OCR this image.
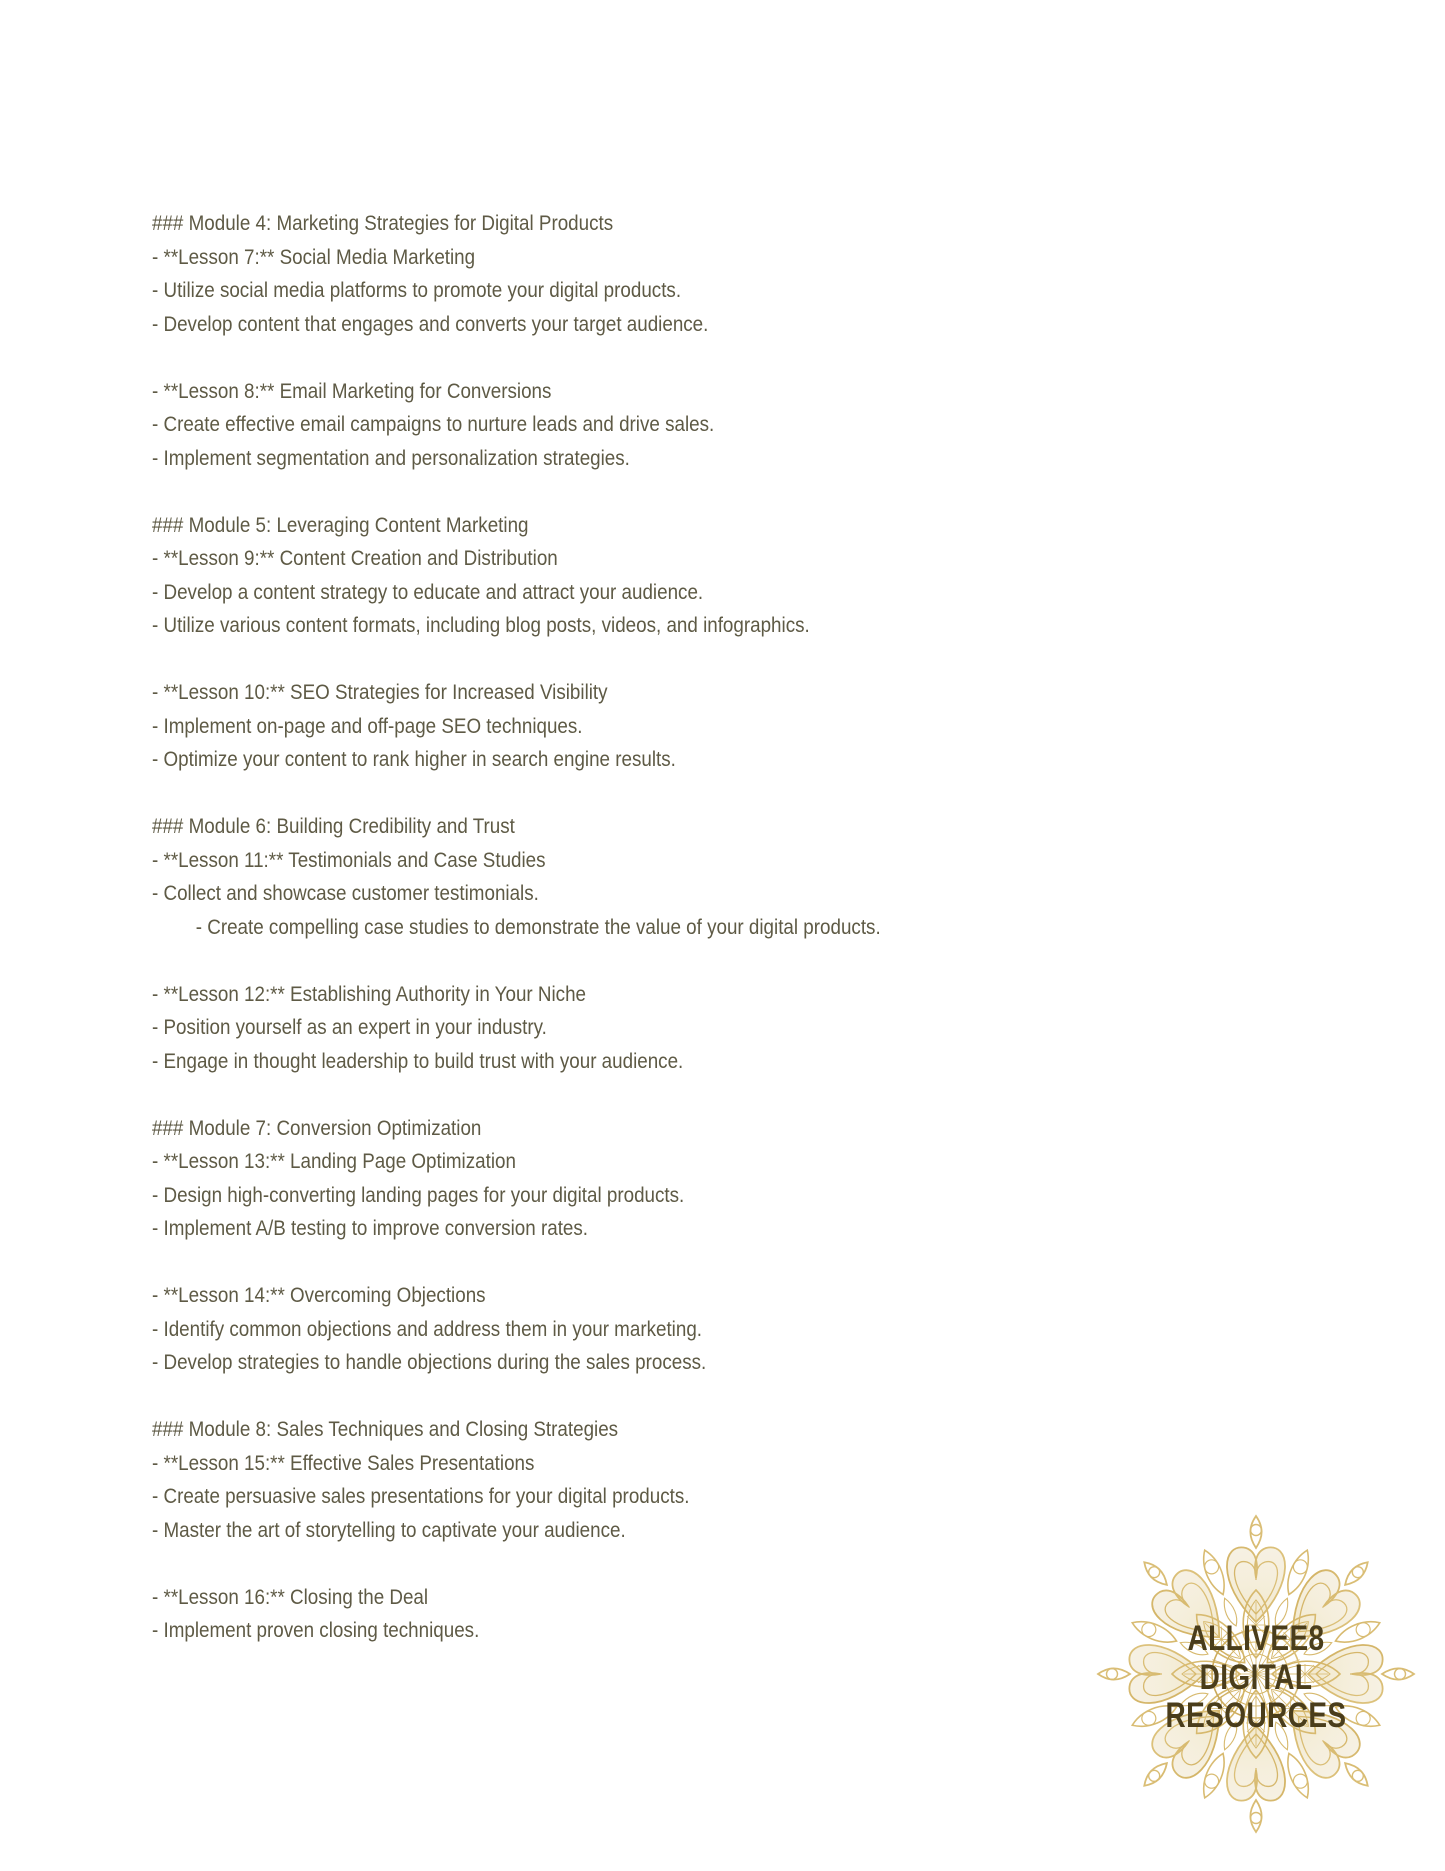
### Module 4: Marketing Strategies for Digital Products
- **Lesson 7:** Social Media Marketing
- Utilize social media platforms to promote your digital products.
- Develop content that engages and converts your target audience.
- **Lesson 8:** Email Marketing for Conversions
- Create effective email campaigns to nurture leads and drive sales.
- Implement segmentation and personalization strategies.
### Module 5: Leveraging Content Marketing
- **Lesson 9:** Content Creation and Distribution
- Develop a content strategy to educate and attract your audience.
- Utilize various content formats, including blog posts, videos, and infographics.
- **Lesson 10:** SEO Strategies for Increased Visibility
- Implement on-page and off-page SEO techniques.
- Optimize your content to rank higher in search engine results.
### Module 6: Building Credibility and Trust
- **Lesson 11:** Testimonials and Case Studies
- Collect and showcase customer testimonials.
- Create compelling case studies to demonstrate the value of your digital products.
- **Lesson 12:** Establishing Authority in Your Niche
- Position yourself as an expert in your industry.
- Engage in thought leadership to build trust with your audience.
### Module 7: Conversion Optimization
- **Lesson 13:** Landing Page Optimization
- Design high-converting landing pages for your digital products.
- Implement A/B testing to improve conversion rates.
- **Lesson 14:** Overcoming Objections
- Identify common objections and address them in your marketing.
- Develop strategies to handle objections during the sales process.
### Module 8: Sales Techniques and Closing Strategies
- **Lesson 15:** Effective Sales Presentations
- Create persuasive sales presentations for your digital products.
- Master the art of storytelling to captivate your audience.
- **Lesson 16:** Closing the Deal
- Implement proven closing techniques.	ALLIVEE8
DIGITAL
RESOURCES
